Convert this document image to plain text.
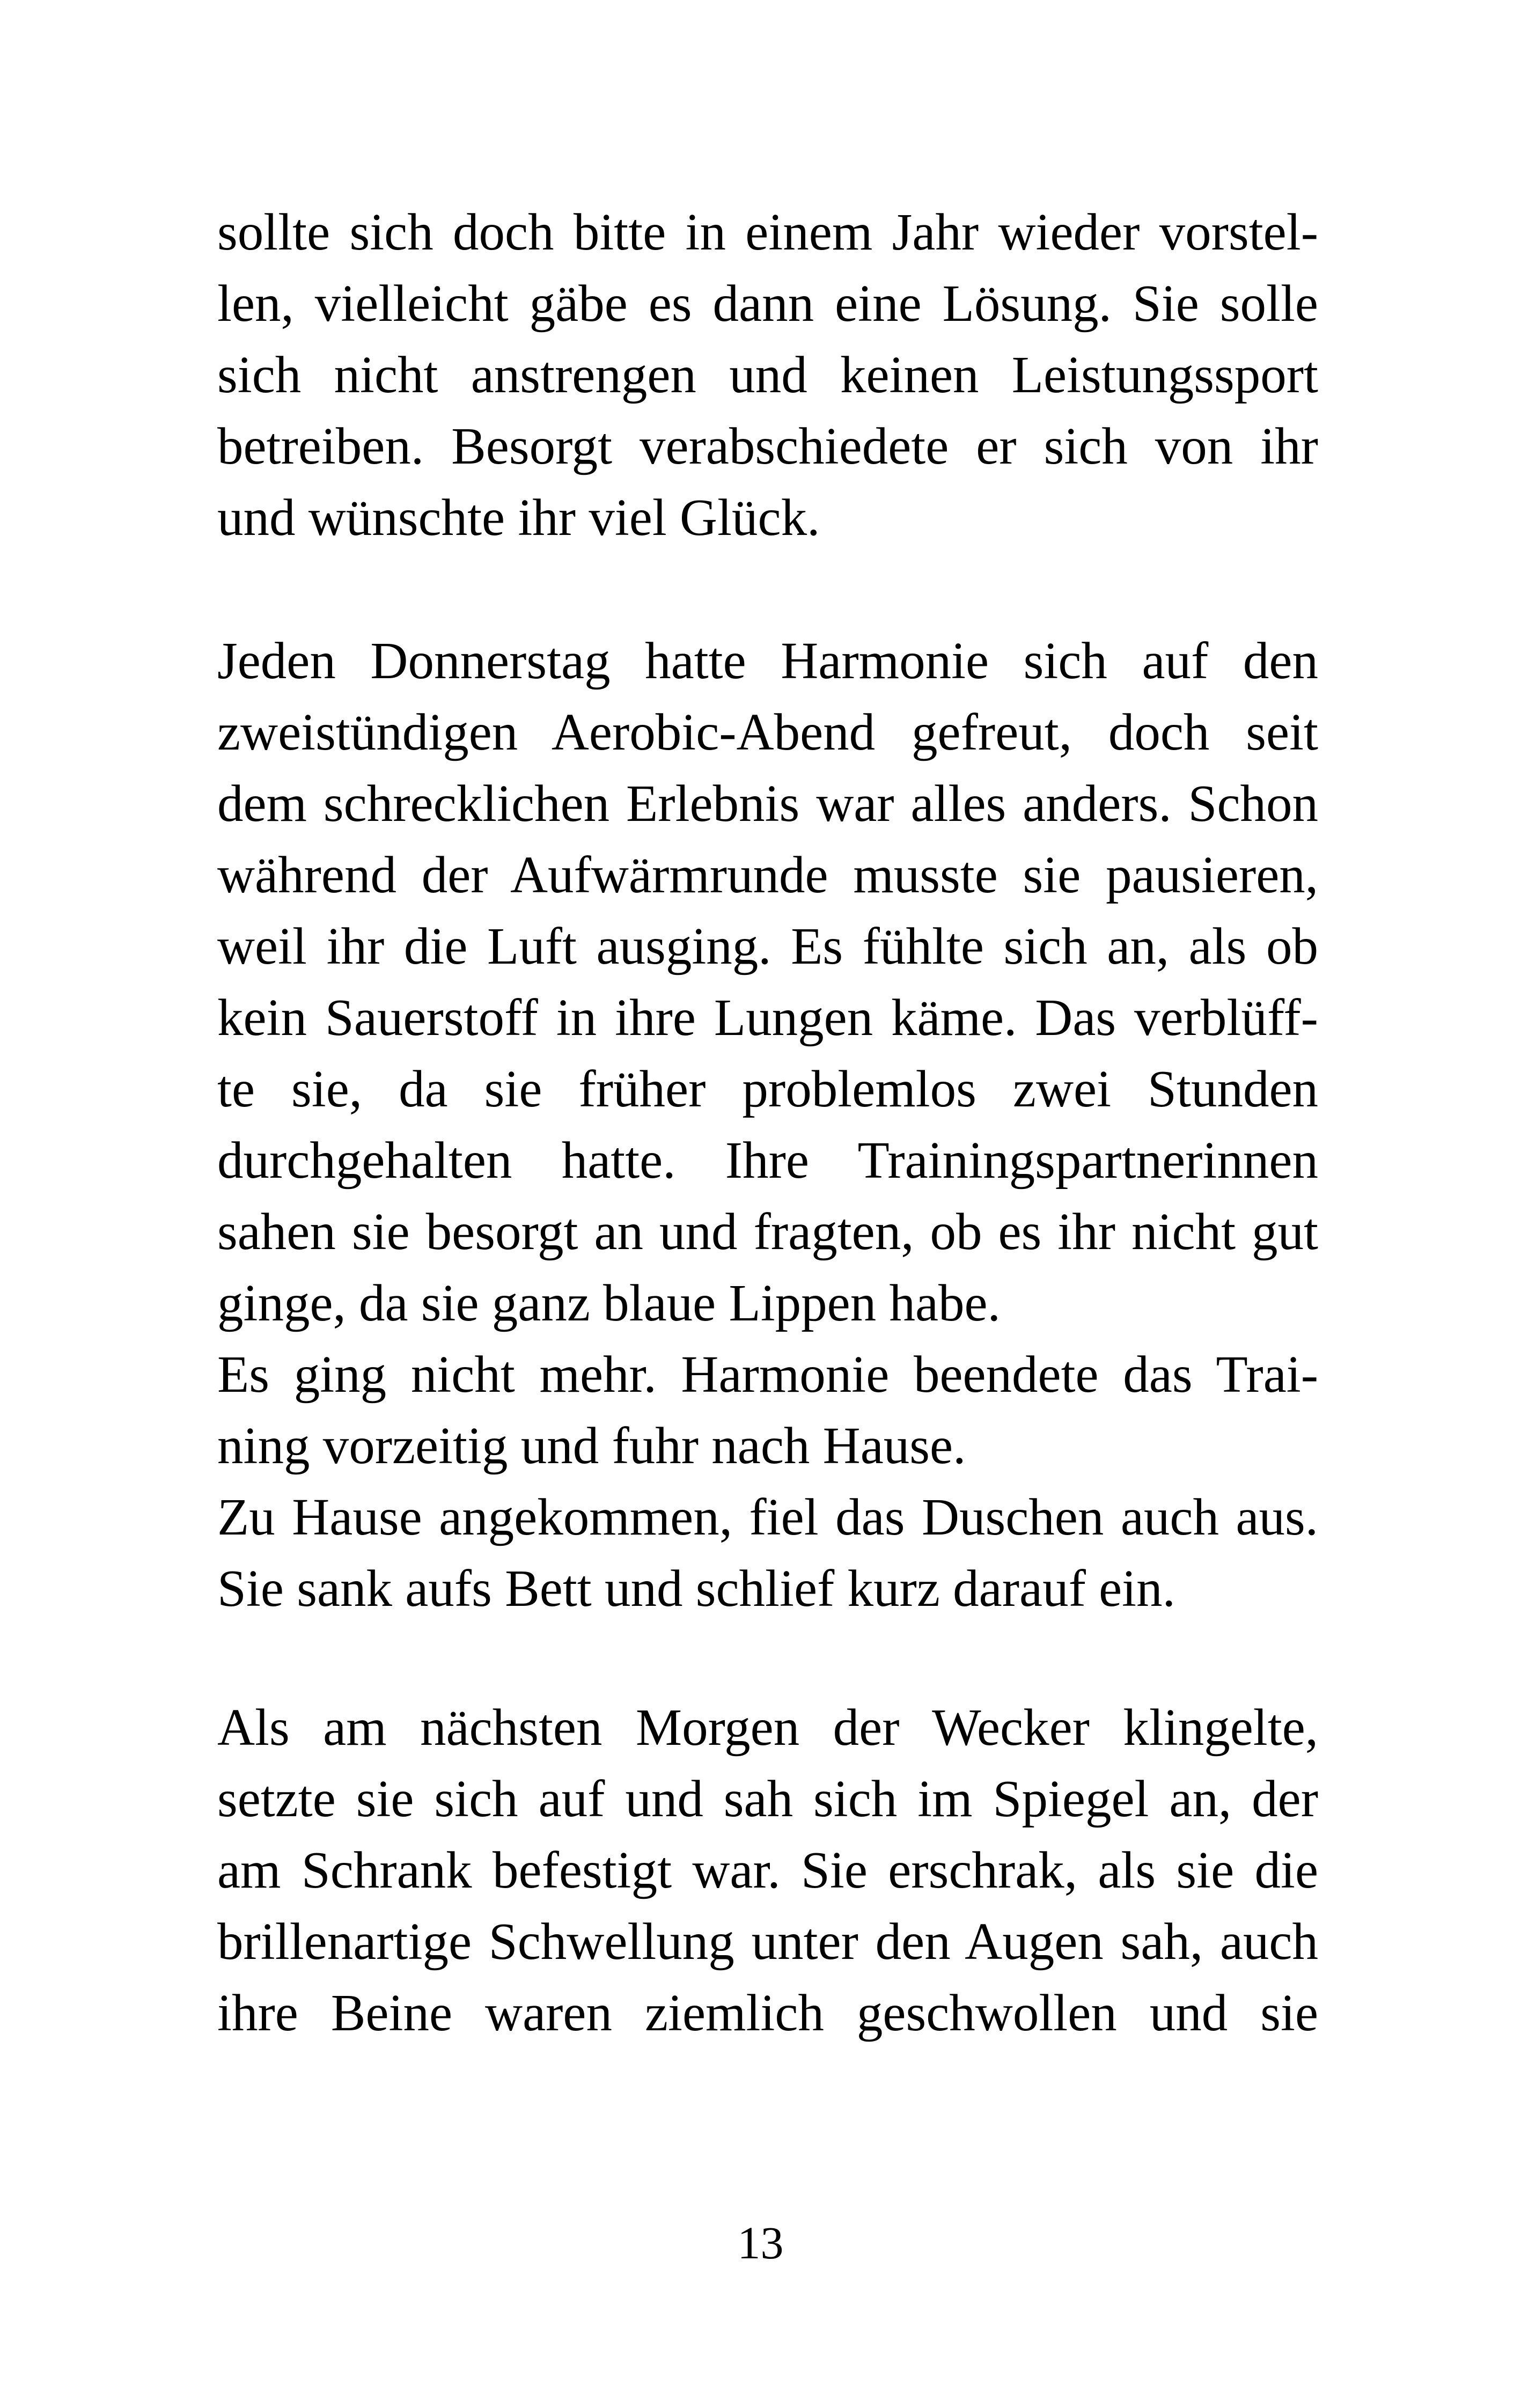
sollte sich doch bitte in einem Jahr wieder vorstel-
len, vielleicht gäbe es dann eine Lösung. Sie solle
sich nicht anstrengen und keinen Leistungssport
betreiben. Besorgt verabschiedete er sich von ihr
und wünschte ihr viel Glück.
Jeden Donnerstag hatte Harmonie sich auf den
zweistündigen Aerobic-Abend gefreut, doch seit
dem schrecklichen Erlebnis war alles anders. Schon
während der Aufwärmrunde musste sie pausieren,
weil ihr die Luft ausging. Es fühlte sich an, als ob
kein Sauerstoff in ihre Lungen käme. Das verblüff-
te sie, da sie früher problemlos zwei Stunden
durchgehalten hatte. Ihre Trainingspartnerinnen
sahen sie besorgt an und fragten, ob es ihr nicht gut
ginge, da sie ganz blaue Lippen habe.
Es ging nicht mehr. Harmonie beendete das Trai-
ning vorzeitig und fuhr nach Hause.
Zu Hause angekommen, fiel das Duschen auch aus.
Sie sank aufs Bett und schlief kurz darauf ein.
Als am nächsten Morgen der Wecker klingelte,
setzte sie sich auf und sah sich im Spiegel an, der
am Schrank befestigt war. Sie erschrak, als sie die
brillenartige Schwellung unter den Augen sah, auch
ihre Beine waren ziemlich geschwollen und sie
13
